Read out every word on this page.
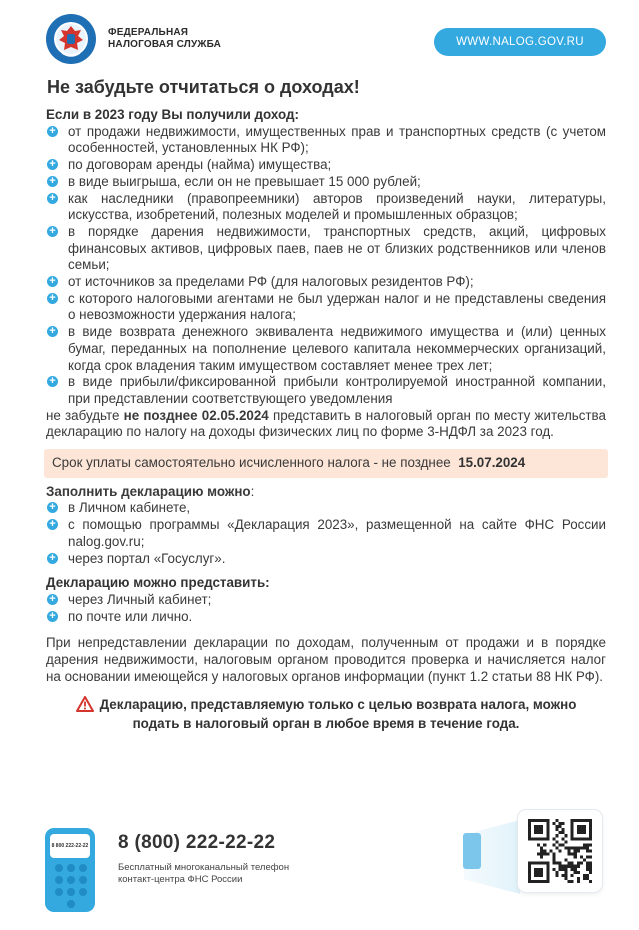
ФЕДЕРАЛЬНАЯ
НАЛОГОВАЯ СЛУЖБА	WWW.NALOG.GOV.RU
Не забудьте отчитаться о доходах!

Если в 2023 году Вы получили доход:

+ от продажи недвижимости, имущественных прав и транспортных средств (с учетом особенностей, установленных НК РФ);
+ по договорам аренды (найма) имущества;
+ в виде выигрыша, если он не превышает 15 000 рублей;
+ как наследники (правопреемники) авторов произведений науки, литературы, искусства, изобретений, полезных моделей и промышленных образцов;
+ в порядке дарения недвижимости, транспортных средств, акций, цифровых финансовых активов, цифровых паев, паев не от близких родственников или членов семьи;
+ от источников за пределами РФ (для налоговых резидентов РФ);
+ с которого налоговыми агентами не был удержан налог и не представлены сведения о невозможности удержания налога;
+ в виде возврата денежного эквивалента недвижимого имущества и (или) ценных бумаг, переданных на пополнение целевого капитала некоммерческих организаций, когда срок владения таким имуществом составляет менее трех лет;
+ в виде прибыли/фиксированной прибыли контролируемой иностранной компании, при представлении соответствующего уведомления

не забудьте не позднее 02.05.2024 представить в налоговый орган по месту жительства декларацию по налогу на доходы физических лиц по форме 3-НДФЛ за 2023 год.

Срок уплаты самостоятельно исчисленного налога - не позднее 15.07.2024

Заполнить декларацию можно:

+ в Личном кабинете,
+ с помощью программы «Декларация 2023», размещенной на сайте ФНС России nalog.gov.ru;
+ через портал «Госуслуг».

Декларацию можно представить:

+ через Личный кабинет;
+ по почте или лично.

При непредставлении декларации по доходам, полученным от продажи и в порядке дарения недвижимости, налоговым органом проводится проверка и начисляется налог на основании имеющейся у налоговых органов информации (пункт 1.2 статьи 88 НК РФ).

Декларацию, представляемую только с целью возврата налога, можно
подать в налоговый орган в любое время в течение года.
8 800 222-22-22 8 (800) 222-22-22
Бесплатный многоканальный телефон
контакт-центра ФНС России
